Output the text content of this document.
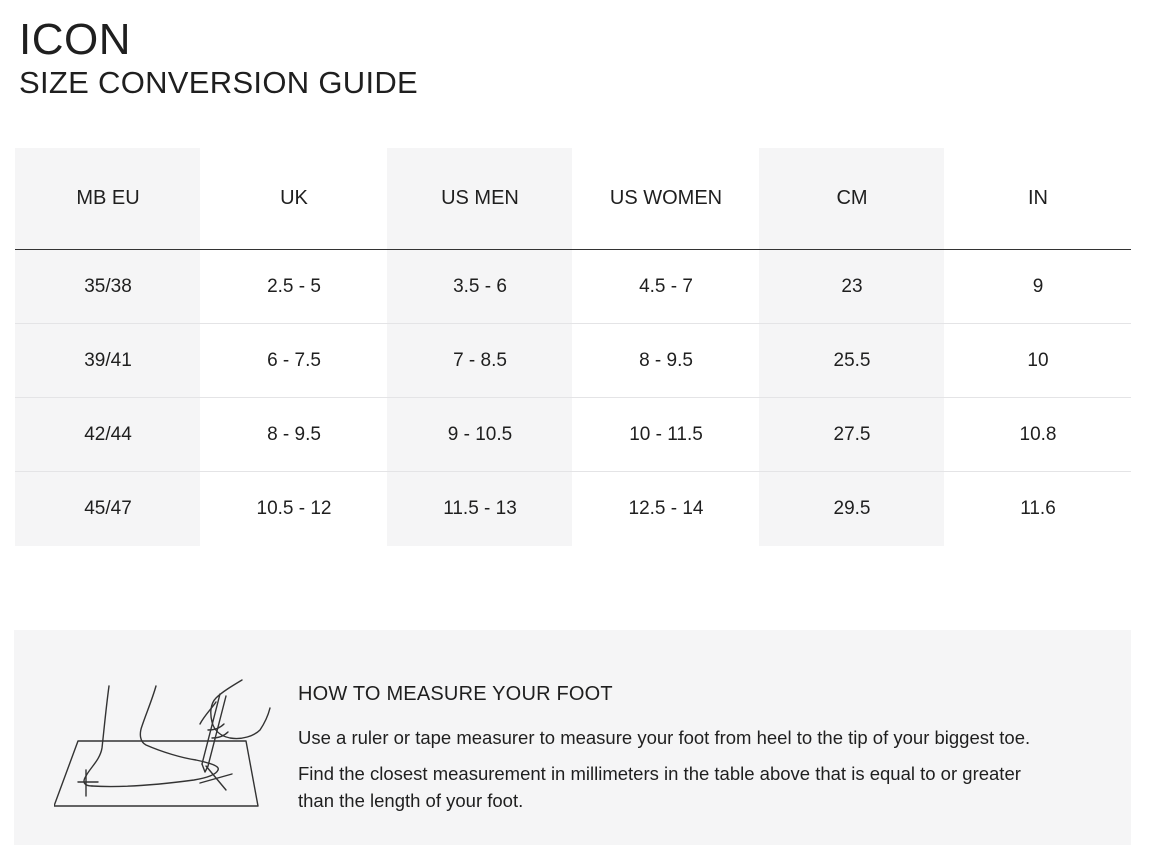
ICON
SIZE CONVERSION GUIDE
MB EU	UK	US MEN	US WOMEN	CM	IN
35/38	2.5 - 5	3.5 - 6	4.5 - 7	23	9
39/41	6 - 7.5	7 - 8.5	8 - 9.5	25.5	10
42/44	8 - 9.5	9 - 10.5	10 - 11.5	27.5	10.8
45/47	10.5 - 12	11.5 - 13	12.5 - 14	29.5	11.6
HOW TO MEASURE YOUR FOOT
Use a ruler or tape measurer to measure your foot from heel to the tip of your biggest toe.
Find the closest measurement in millimeters in the table above that is equal to or greater
than the length of your foot.
